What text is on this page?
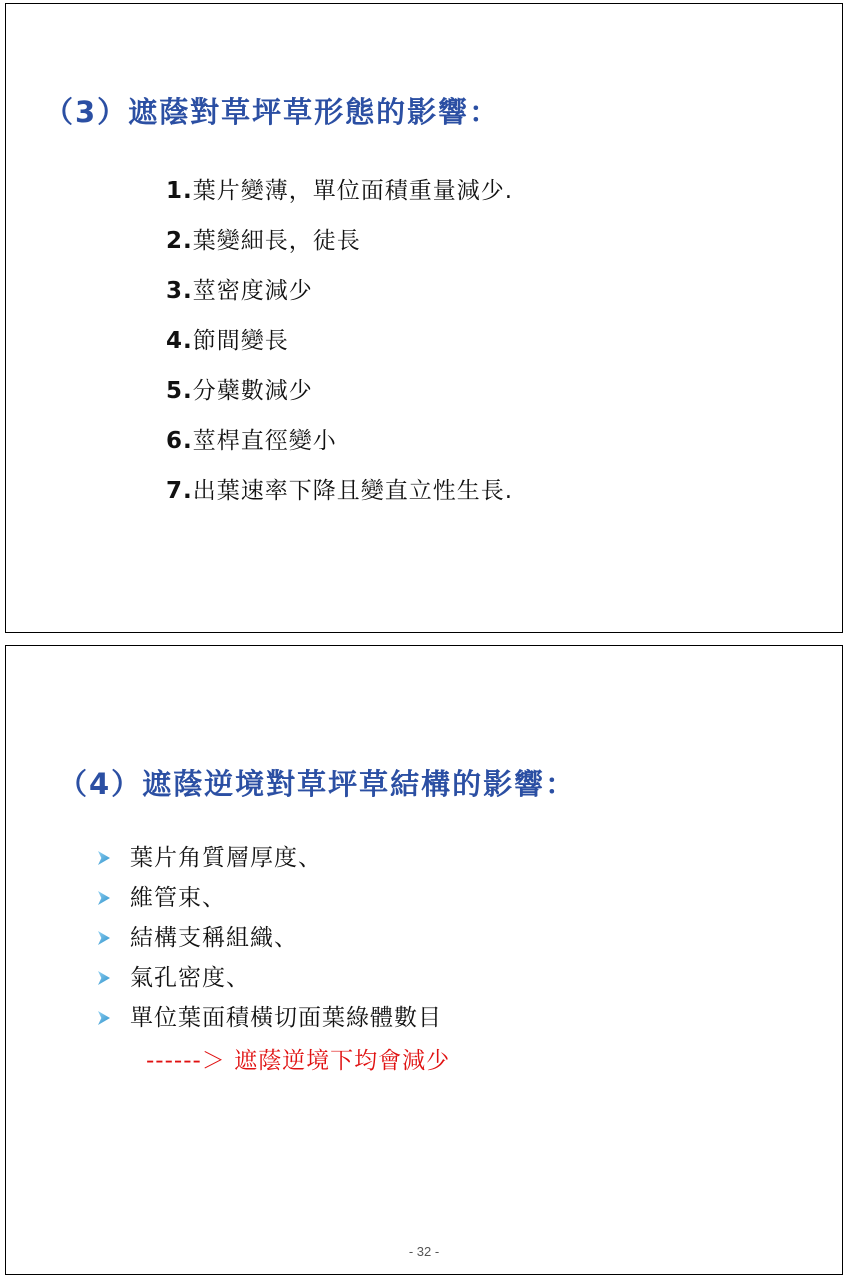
（3）遮蔭對草坪草形態的影響：
1.葉片變薄，單位面積重量減少.
2.葉變細長，徒長
3.莖密度減少
4.節間變長
5.分蘗數減少
6.莖桿直徑變小
7.出葉速率下降且變直立性生長.
（4）遮蔭逆境對草坪草結構的影響：
葉片角質層厚度、
維管束、
結構支稱組織、
氣孔密度、
單位葉面積橫切面葉綠體數目
------＞ 遮蔭逆境下均會減少
- 32 -
